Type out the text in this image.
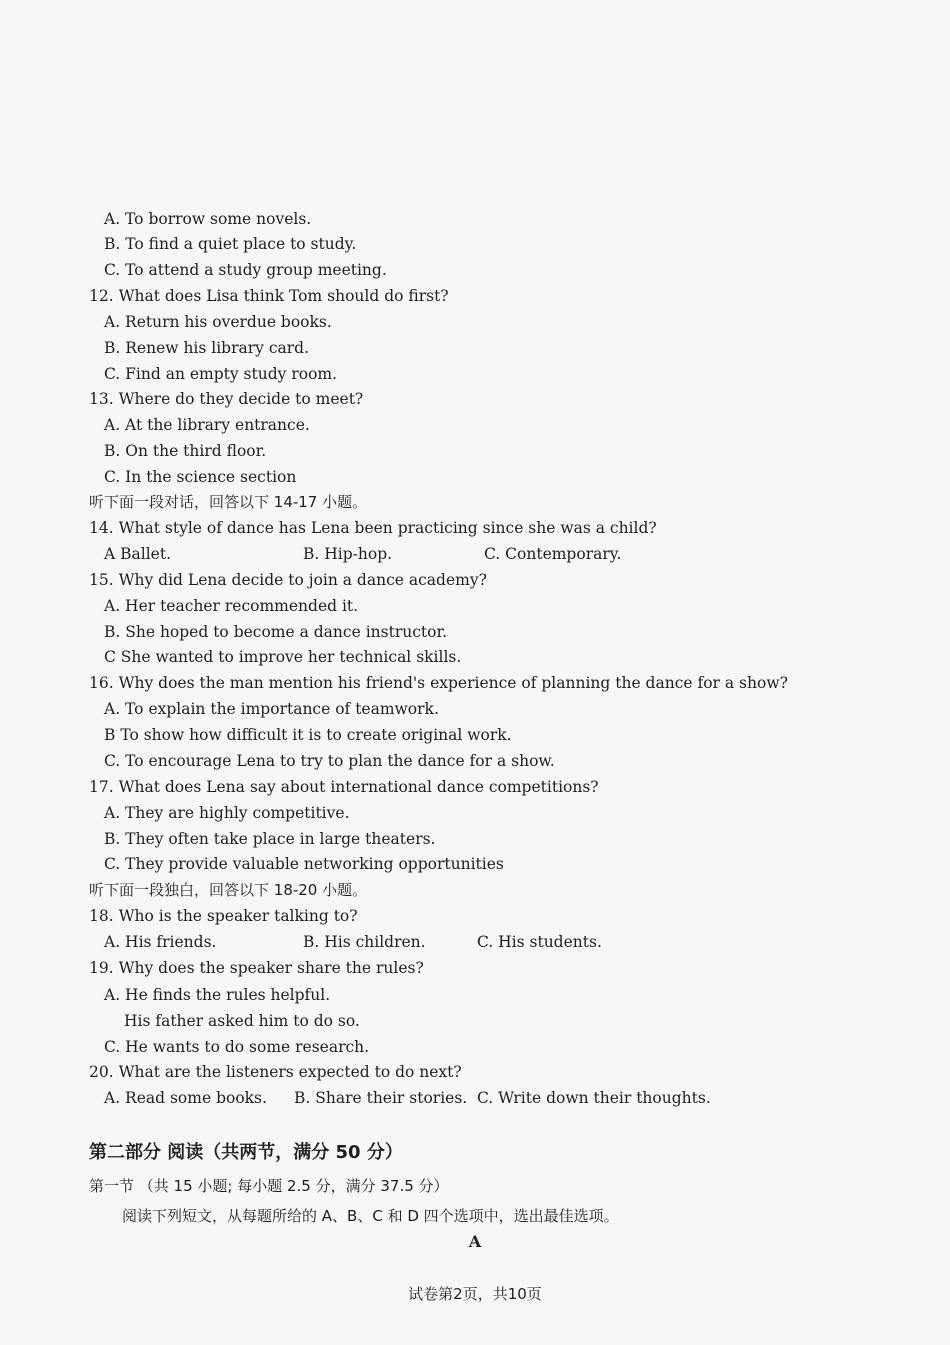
A. To borrow some novels.
B. To find a quiet place to study.
C. To attend a study group meeting.
12. What does Lisa think Tom should do first?
A. Return his overdue books.
B. Renew his library card.
C. Find an empty study room.
13. Where do they decide to meet?
A. At the library entrance.
B. On the third floor.
C. In the science section
听下面一段对话，回答以下 14-17 小题。
14. What style of dance has Lena been practicing since she was a child?
A Ballet.	B. Hip-hop.	C. Contemporary.
15. Why did Lena decide to join a dance academy?
A. Her teacher recommended it.
B. She hoped to become a dance instructor.
C She wanted to improve her technical skills.
16. Why does the man mention his friend's experience of planning the dance for a show?
A. To explain the importance of teamwork.
B To show how difficult it is to create original work.
C. To encourage Lena to try to plan the dance for a show.
17. What does Lena say about international dance competitions?
A. They are highly competitive.
B. They often take place in large theaters.
C. They provide valuable networking opportunities
听下面一段独白，回答以下 18-20 小题。
18. Who is the speaker talking to?
A. His friends.	B. His children.	C. His students.
19. Why does the speaker share the rules?
A. He finds the rules helpful.
His father asked him to do so.
C. He wants to do some research.
20. What are the listeners expected to do next?
A. Read some books. B. Share their stories. C. Write down their thoughts.
第二部分 阅读（共两节，满分 50 分）
第一节 （共 15 小题; 每小题 2.5 分，满分 37.5 分）
阅读下列短文，从每题所给的 A、B、C 和 D 四个选项中，选出最佳选项。
A
试卷第2页，共10页
